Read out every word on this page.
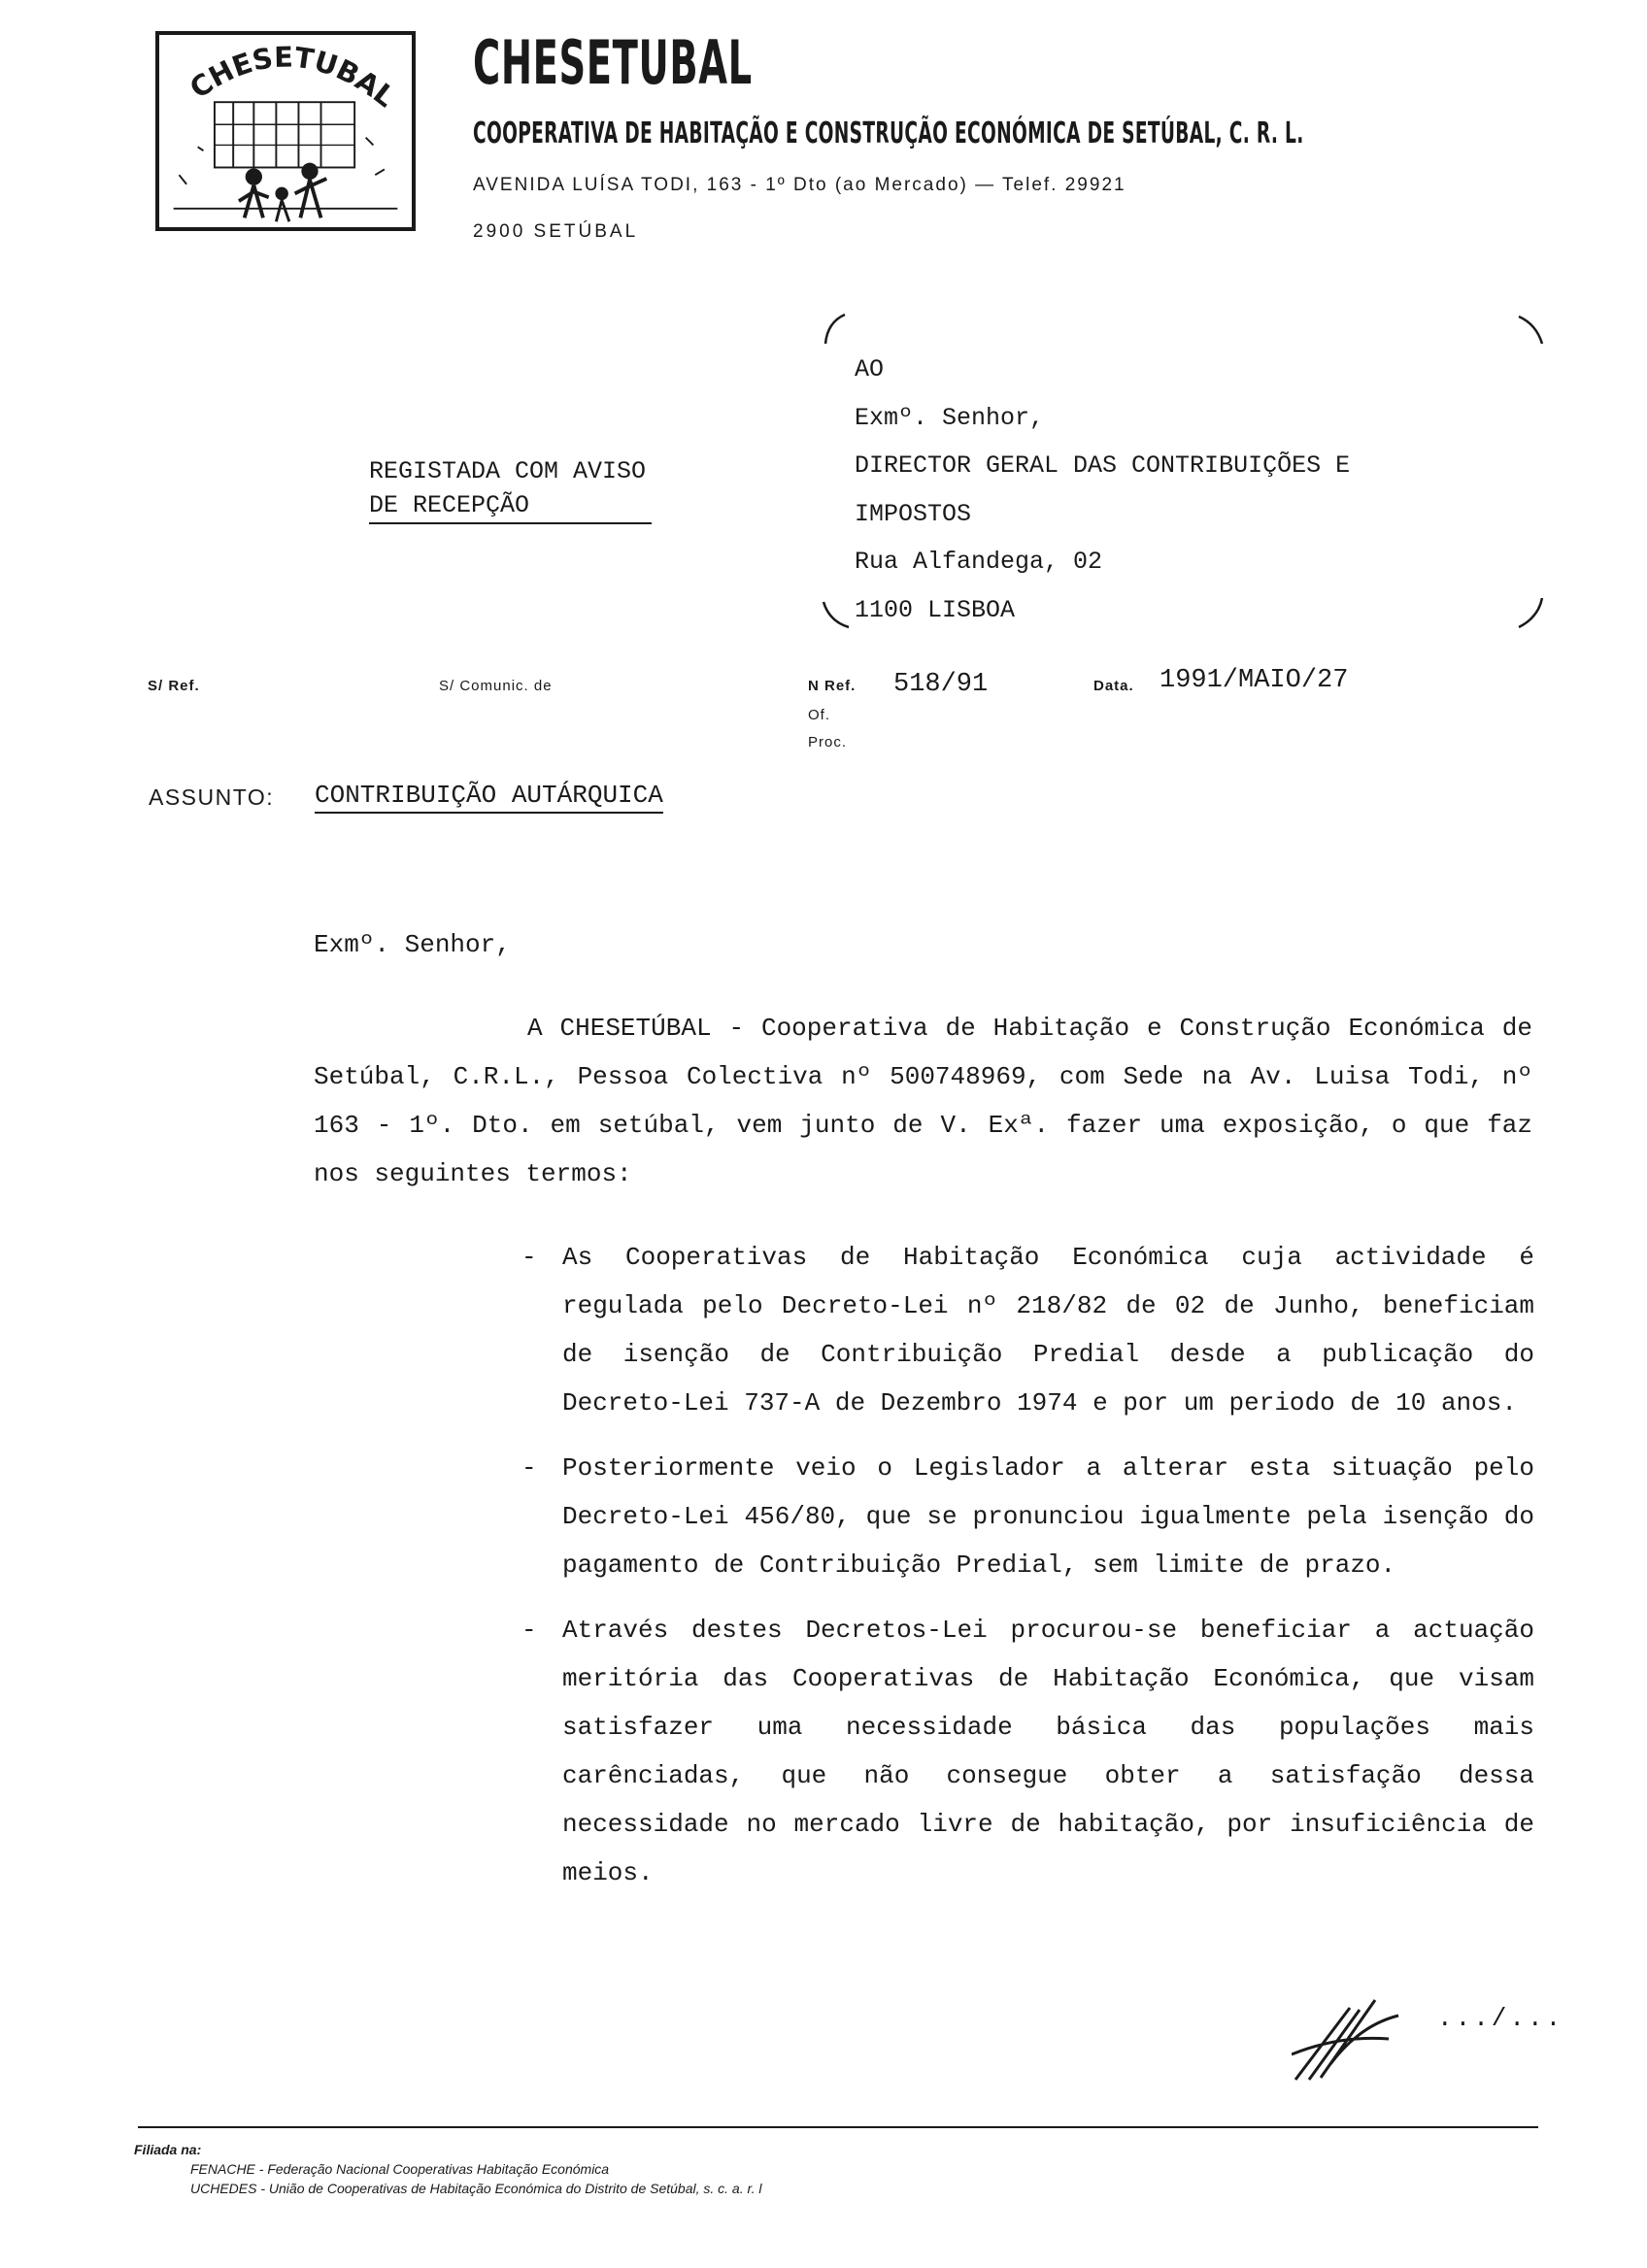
CHESETUBAL CHESETUBAL
COOPERATIVA DE HABITAÇÃO E CONSTRUÇÃO ECONÓMICA DE SETÚBAL, C. R. L.
AVENIDA LUÍSA TODI, 163 - 1º Dto (ao Mercado) — Telef. 29921
2900 SETÚBAL
AO
Exmº. Senhor,
DIRECTOR GERAL DAS CONTRIBUIÇÕES E
IMPOSTOS
Rua Alfandega, 02
1100 LISBOA
REGISTADA COM AVISO
DE RECEPÇÃO
S/ Ref.	S/ Comunic. de	N Ref. 518/91
Of.
Proc.
Data. 1991/MAIO/27
ASSUNTO: CONTRIBUIÇÃO AUTÁRQUICA
Exmº. Senhor,
A CHESETÚBAL - Cooperativa de Habitação e Construção Económica de Setúbal, C.R.L., Pessoa Colectiva nº 500748969, com Sede na Av. Luisa Todi, nº 163 - 1º. Dto. em setúbal, vem junto de V. Exª. fazer uma exposição, o que faz nos seguintes termos:
- As Cooperativas de Habitação Económica cuja actividade é regulada pelo Decreto-Lei nº 218/82 de 02 de Junho, beneficiam de isenção de Contribuição Predial desde a publicação do Decreto-Lei 737-A de Dezembro 1974 e por um periodo de 10 anos.
- Posteriormente veio o Legislador a alterar esta situação pelo Decreto-Lei 456/80, que se pronunciou igualmente pela isenção do pagamento de Contribuição Predial, sem limite de prazo.
- Através destes Decretos-Lei procurou-se beneficiar a actuação meritória das Cooperativas de Habitação Económica, que visam satisfazer uma necessidade básica das populações mais carênciadas, que não consegue obter a satisfação dessa necessidade no mercado livre de habitação, por insuficiência de meios.
.../...
Filiada na:
FENACHE - Federação Nacional Cooperativas Habitação Económica
UCHEDES - União de Cooperativas de Habitação Económica do Distrito de Setúbal, s. c. a. r. l
